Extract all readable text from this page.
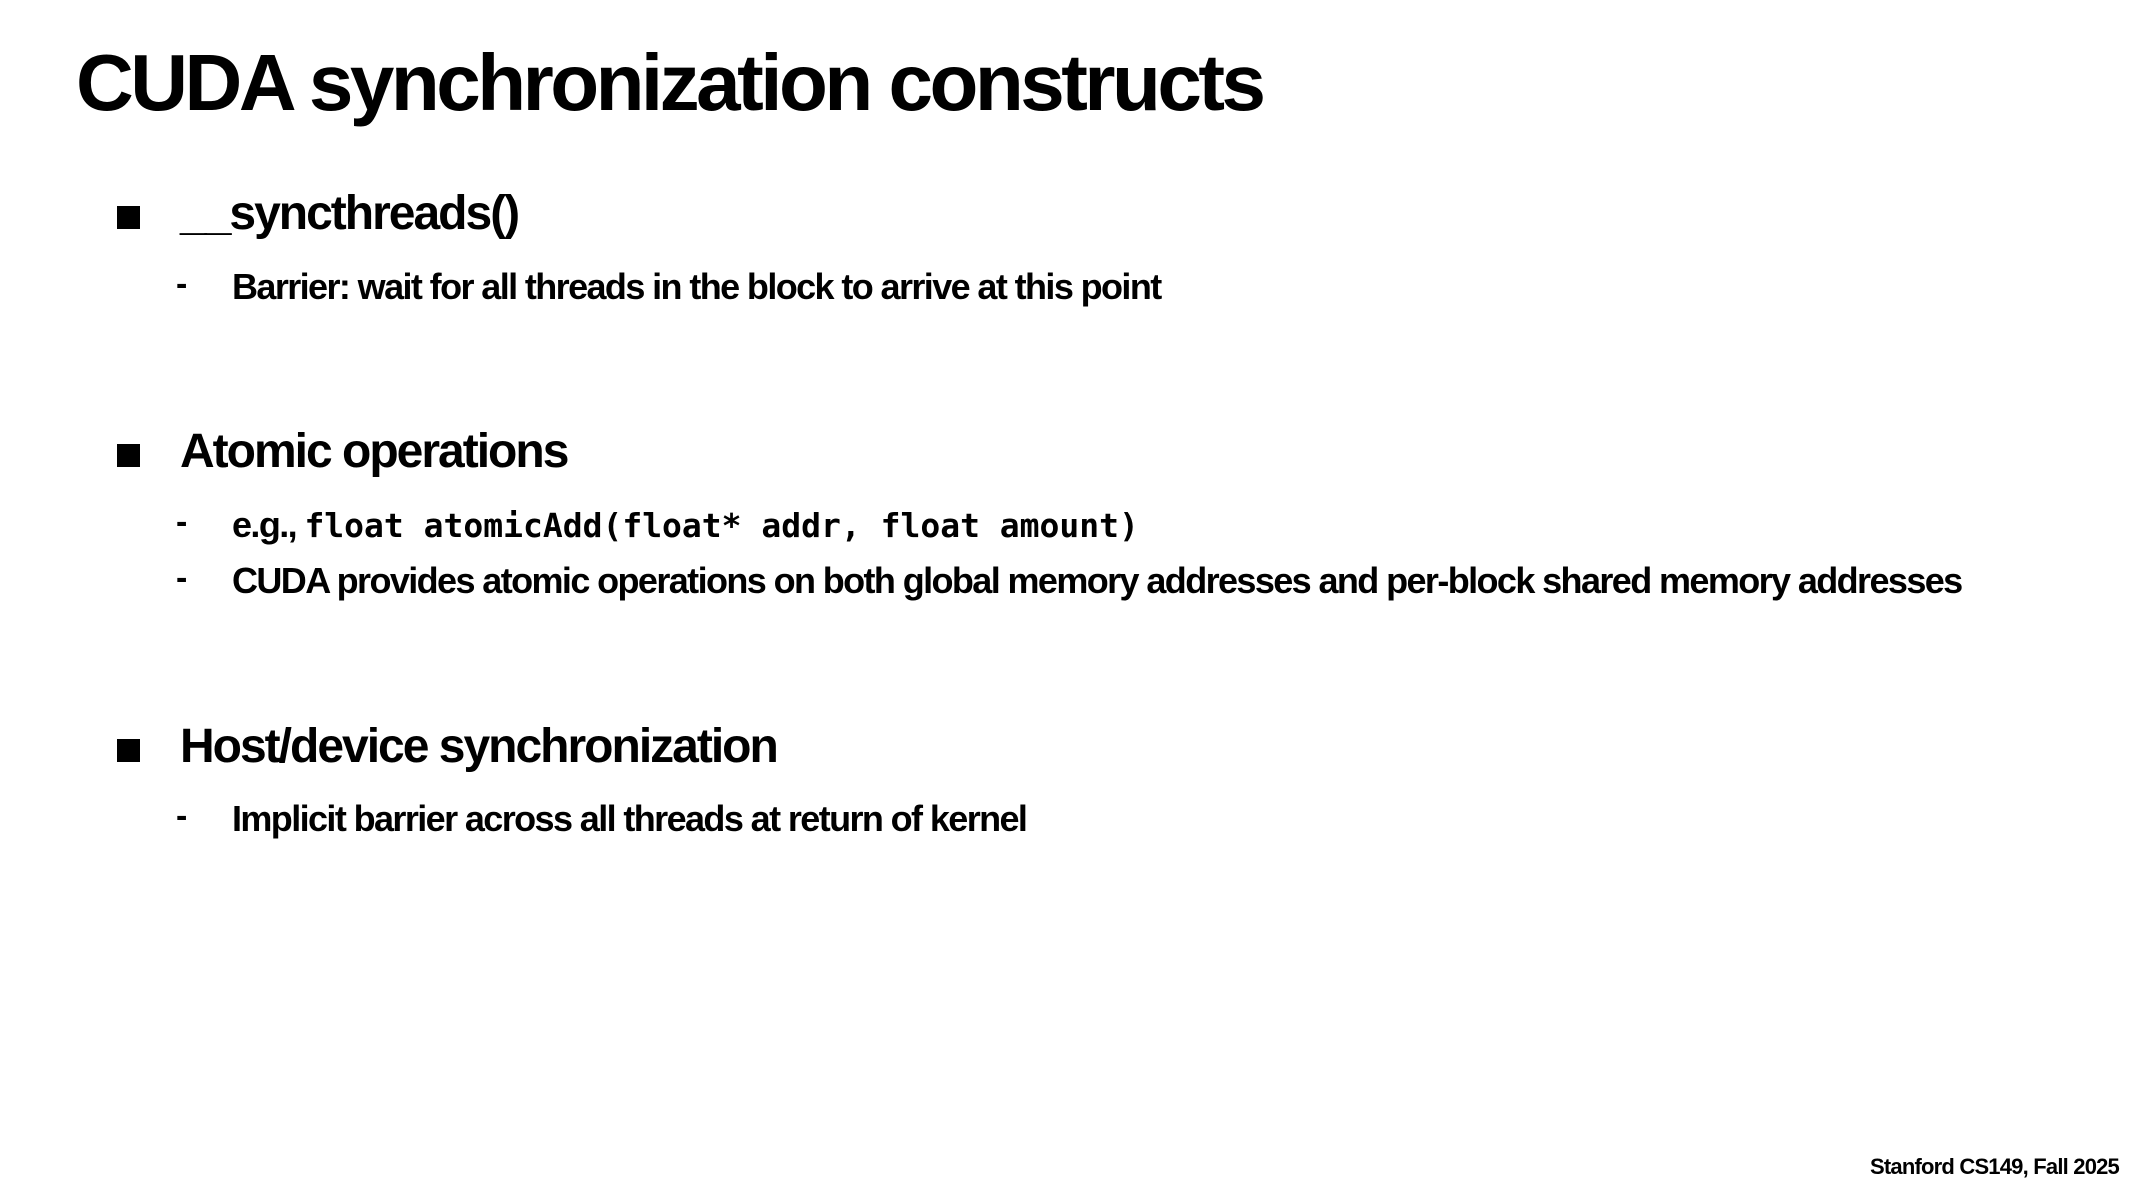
CUDA synchronization constructs
__syncthreads()
- Barrier: wait for all threads in the block to arrive at this point
Atomic operations
- e.g., float atomicAdd(float* addr, float amount)
- CUDA provides atomic operations on both global memory addresses and per-block shared memory addresses
Host/device synchronization
- Implicit barrier across all threads at return of kernel
Stanford CS149, Fall 2025
